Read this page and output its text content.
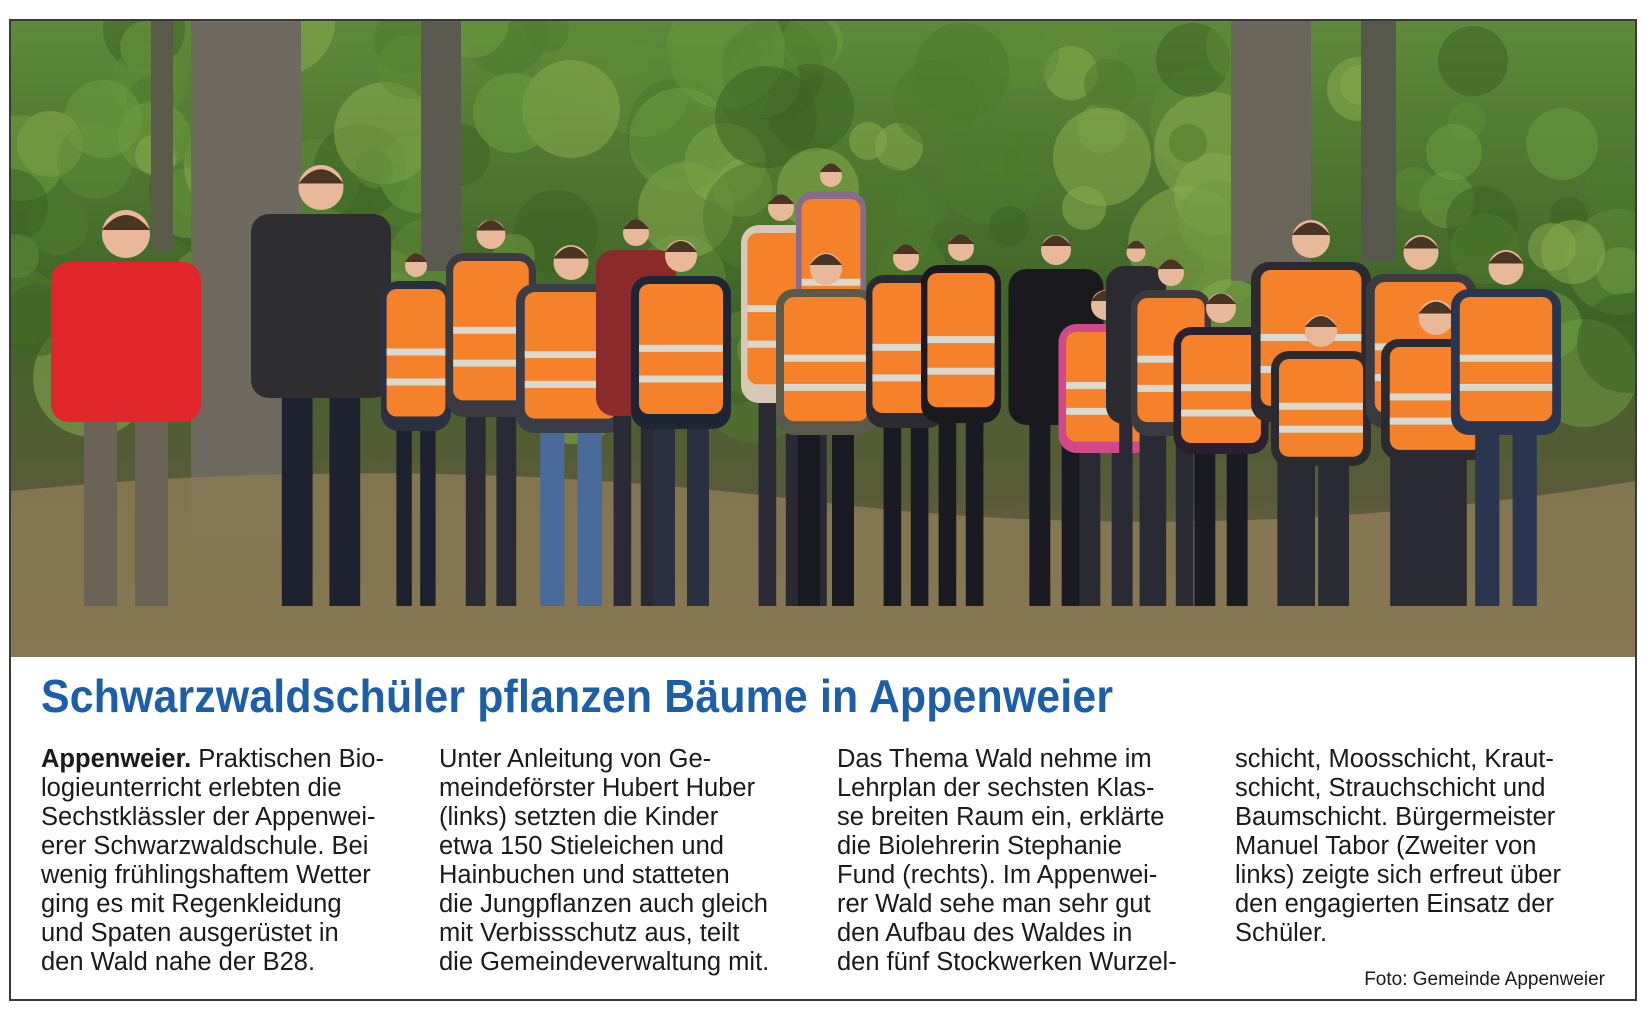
Schwarzwaldschüler pflanzen Bäume in Appenweier
Appenweier. Praktischen Bio-
logieunterricht erlebten die
Sechstklässler der Appenwei-
erer Schwarzwaldschule. Bei
wenig frühlingshaftem Wetter
ging es mit Regenkleidung
und Spaten ausgerüstet in
den Wald nahe der B28.
Unter Anleitung von Ge-
meindeförster Hubert Huber
(links) setzten die Kinder
etwa 150 Stieleichen und
Hainbuchen und statteten
die Jungpflanzen auch gleich
mit Verbissschutz aus, teilt
die Gemeindeverwaltung mit.
Das Thema Wald nehme im
Lehrplan der sechsten Klas-
se breiten Raum ein, erklärte
die Biolehrerin Stephanie
Fund (rechts). Im Appenwei-
rer Wald sehe man sehr gut
den Aufbau des Waldes in
den fünf Stockwerken Wurzel-
schicht, Moosschicht, Kraut-
schicht, Strauchschicht und
Baumschicht. Bürgermeister
Manuel Tabor (Zweiter von
links) zeigte sich erfreut über
den engagierten Einsatz der
Schüler.
Foto: Gemeinde Appenweier
